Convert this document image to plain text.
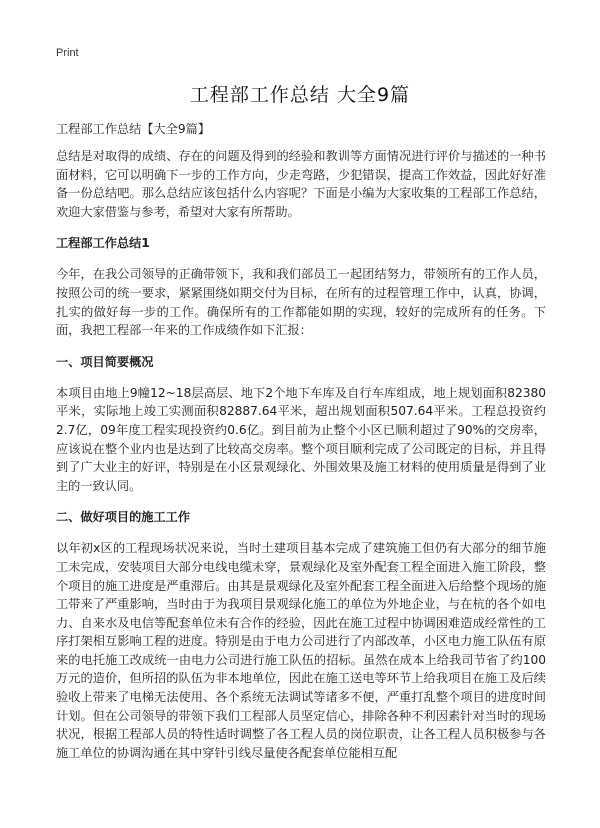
Print
工程部工作总结 大全9篇

工程部工作总结【大全9篇】

总结是对取得的成绩、存在的问题及得到的经验和教训等方面情况进行评价与描述的一种书面材料，它可以明确下一步的工作方向，少走弯路，少犯错误，提高工作效益，因此好好准备一份总结吧。那么总结应该包括什么内容呢？下面是小编为大家收集的工程部工作总结，欢迎大家借鉴与参考，希望对大家有所帮助。

工程部工作总结1

今年，在我公司领导的正确带领下，我和我们部员工一起团结努力，带领所有的工作人员，按照公司的统一要求，紧紧围绕如期交付为目标，在所有的过程管理工作中，认真，协调，扎实的做好每一步的工作。确保所有的工作都能如期的实现，较好的完成所有的任务。下面，我把工程部一年来的工作成绩作如下汇报：

一、项目简要概况

本项目由地上9幢12~18层高层、地下2个地下车库及自行车库组成，地上规划面积82380平米，实际地上竣工实测面积82887.64平米，超出规划面积507.64平米。工程总投资约2.7亿，09年度工程实现投资约0.6亿。到目前为止整个小区已顺利超过了90%的交房率，应该说在整个业内也是达到了比较高交房率。整个项目顺利完成了公司既定的目标，并且得到了广大业主的好评，特别是在小区景观绿化、外围效果及施工材料的使用质量是得到了业主的一致认同。

二、做好项目的施工工作

以年初x区的工程现场状况来说，当时土建项目基本完成了建筑施工但仍有大部分的细节施工未完成，安装项目大部分电线电缆未穿，景观绿化及室外配套工程全面进入施工阶段，整个项目的施工进度是严重滞后。由其是景观绿化及室外配套工程全面进入后给整个现场的施工带来了严重影响，当时由于为我项目景观绿化施工的单位为外地企业，与在杭的各个如电力、自来水及电信等配套单位未有合作的经验，因此在施工过程中协调困难造成经常性的工序打架相互影响工程的进度。特别是由于电力公司进行了内部改革，小区电力施工队伍有原来的电托施工改成统一由电力公司进行施工队伍的招标。虽然在成本上给我司节省了约100万元的造价，但所招的队伍为非本地单位，因此在施工送电等环节上给我项目在施工及后续验收上带来了电梯无法使用、各个系统无法调试等诸多不便，严重打乱整个项目的进度时间计划。但在公司领导的带领下我们工程部人员坚定信心，排除各种不利因素针对当时的现场状况，根据工程部人员的特性适时调整了各工程人员的岗位职责，让各工程人员积极参与各施工单位的协调沟通在其中穿针引线尽量使各配套单位能相互配
